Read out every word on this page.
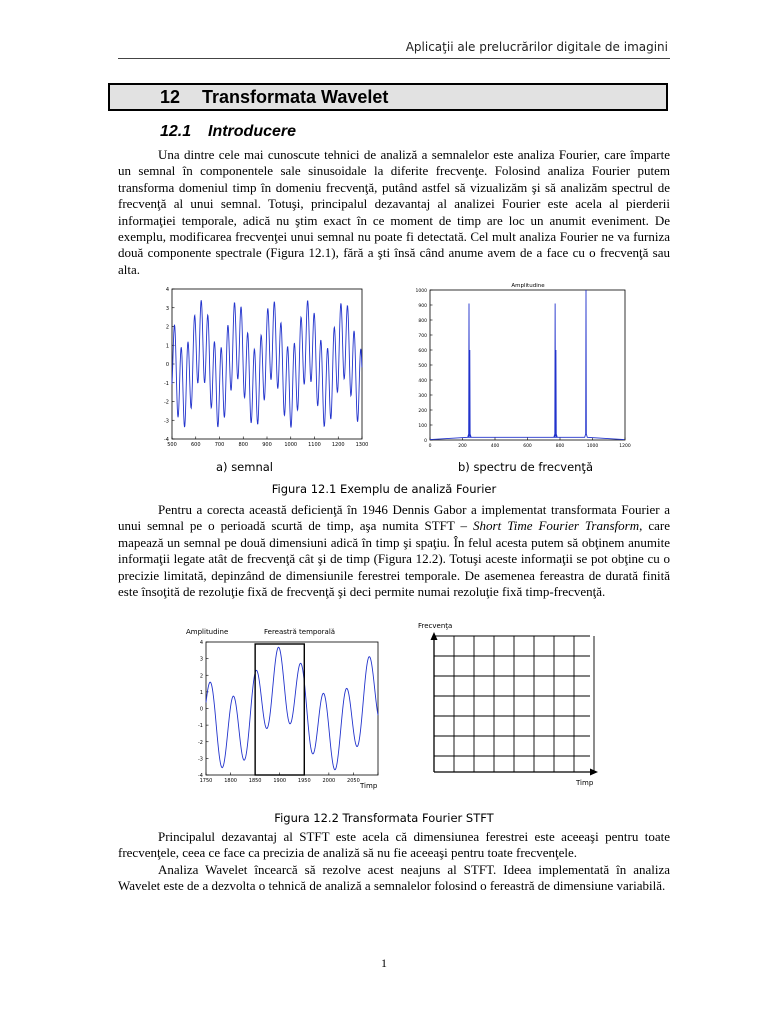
Aplicaţii ale prelucrărilor digitale de imagini
12 Transformata Wavelet
12.1 Introducere
Una dintre cele mai cunoscute tehnici de analiză a semnalelor este analiza Fourier, care împarte un semnal în componentele sale sinusoidale la diferite frecvenţe. Folosind analiza Fourier putem transforma domeniul timp în domeniu frecvenţă, putând astfel să vizualizăm şi să analizăm spectrul de frecvenţă al unui semnal. Totuşi, principalul dezavantaj al analizei Fourier este acela al pierderii informaţiei temporale, adică nu ştim exact în ce moment de timp are loc un anumit eveniment. De exemplu, modificarea frecvenţei unui semnal nu poate fi detectată. Cel mult analiza Fourier ne va furniza două componente spectrale (Figura 12.1), fără a şti însă când anume avem de a face cu o frecvenţă sau alta.
500	600	700	800	900	1000 1100 1200 1300
4
3
2
1
0
-1
-2
-3
-4
Amplitudine
0	200	400	600	800	1000	1200
1000
900
800
700
600
500
400
300
200
100
0
a) semnal	b) spectru de frecvenţă
Figura 12.1 Exemplu de analiză Fourier
Pentru a corecta această deficienţă în 1946 Dennis Gabor a implementat transformata Fourier a unui semnal pe o perioadă scurtă de timp, aşa numita STFT – Short Time Fourier Transform, care mapează un semnal pe două dimensiuni adică în timp şi spaţiu. În felul acesta putem să obţinem anumite informaţii legate atât de frecvenţă cât şi de timp (Figura 12.2). Totuşi aceste informaţii se pot obţine cu o precizie limitată, depinzând de dimensiunile ferestrei temporale. De asemenea fereastra de durată finită este însoţită de rezoluţie fixă de frecvenţă şi deci permite numai rezoluţie fixă timp-frecvenţă.
Amplitudine	Fereastră temporală
1750 1800 1850 1900 1950 2000 2050
4
3
2
1
0
-1
-2
-3
-4
Timp
Frecvenţa
Timp
Figura 12.2 Transformata Fourier STFT
Principalul dezavantaj al STFT este acela că dimensiunea ferestrei este aceeaşi pentru toate frecvenţele, ceea ce face ca precizia de analiză să nu fie aceeaşi pentru toate frecvenţele.
Analiza Wavelet încearcă să rezolve acest neajuns al STFT. Ideea implementată în analiza Wavelet este de a dezvolta o tehnică de analiză a semnalelor folosind o fereastră de dimensiune variabilă.
1
